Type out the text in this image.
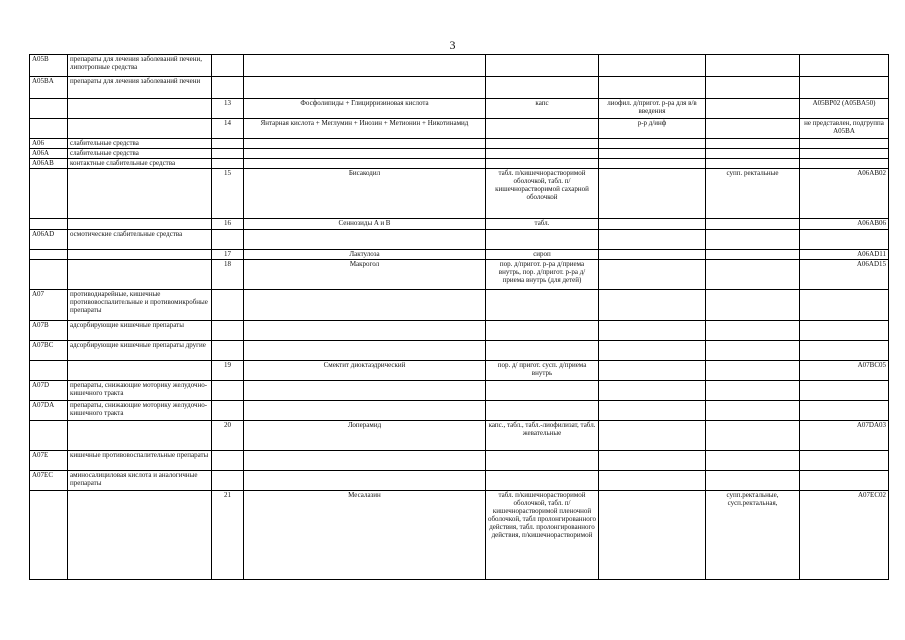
3
A05B	препараты для лечения заболеваний печени, липотропные средства						
A05BA	препараты для лечения заболеваний печени						
		13	Фосфолипиды + Глицирризиновая кислота	капс	лиофил. д/пригот. р-ра для в/в введения		A05BP02 (A05BA50)
		14	Янтарная кислота + Меглумин + Инозин + Метионин + Никотинамид		р-р д/инф		не представлен, подгруппа A05BA
A06	слабительные средства						
A06A	слабительные средства						
A06AB	контактные слабительные средства						
		15	Бисакодил	табл. п/кишечнорастворимой оболочкой, табл. п/кишечнорастворимой сахарной оболочкой		супп. ректальные	A06AB02
		16	Сеннозиды A и B	табл.			A06AB06
A06AD	осмотические слабительные средства						
		17	Лактулоза	сироп			A06AD11
		18	Макрогол	пор. д/пригот. р-ра д/приема внутрь, пор. д/пригот. р-ра д/приема внутрь (для детей)			A06AD15
A07	противодиарейные, кишечные противовоспалительные и противомикробные препараты						
A07B	адсорбирующие кишечные препараты						
A07BC	адсорбирующие кишечные препараты другие						
		19	Смектит диоктаэдрический	пор. д/ пригот. сусп. д/приема внутрь			A07BC05
A07D	препараты, снижающие моторику желудочно-кишечного тракта						
A07DA	препараты, снижающие моторику желудочно-кишечного тракта						
		20	Лоперамид	капс., табл., табл.-лиофилизат, табл. жевательные			A07DA03
A07E	кишечные противовоспалительные препараты						
A07EC	аминосалициловая кислота и аналогичные препараты						
		21	Месалазин	табл. п/кишечнорастворимой оболочкой, табл. п/кишечнорастворимой пленочной оболочкой, табл пролонгированного действия, табл. пролонгированного действия, п/кишечнорастворимой		супп.ректальные, сусп.ректальная,	A07EC02
